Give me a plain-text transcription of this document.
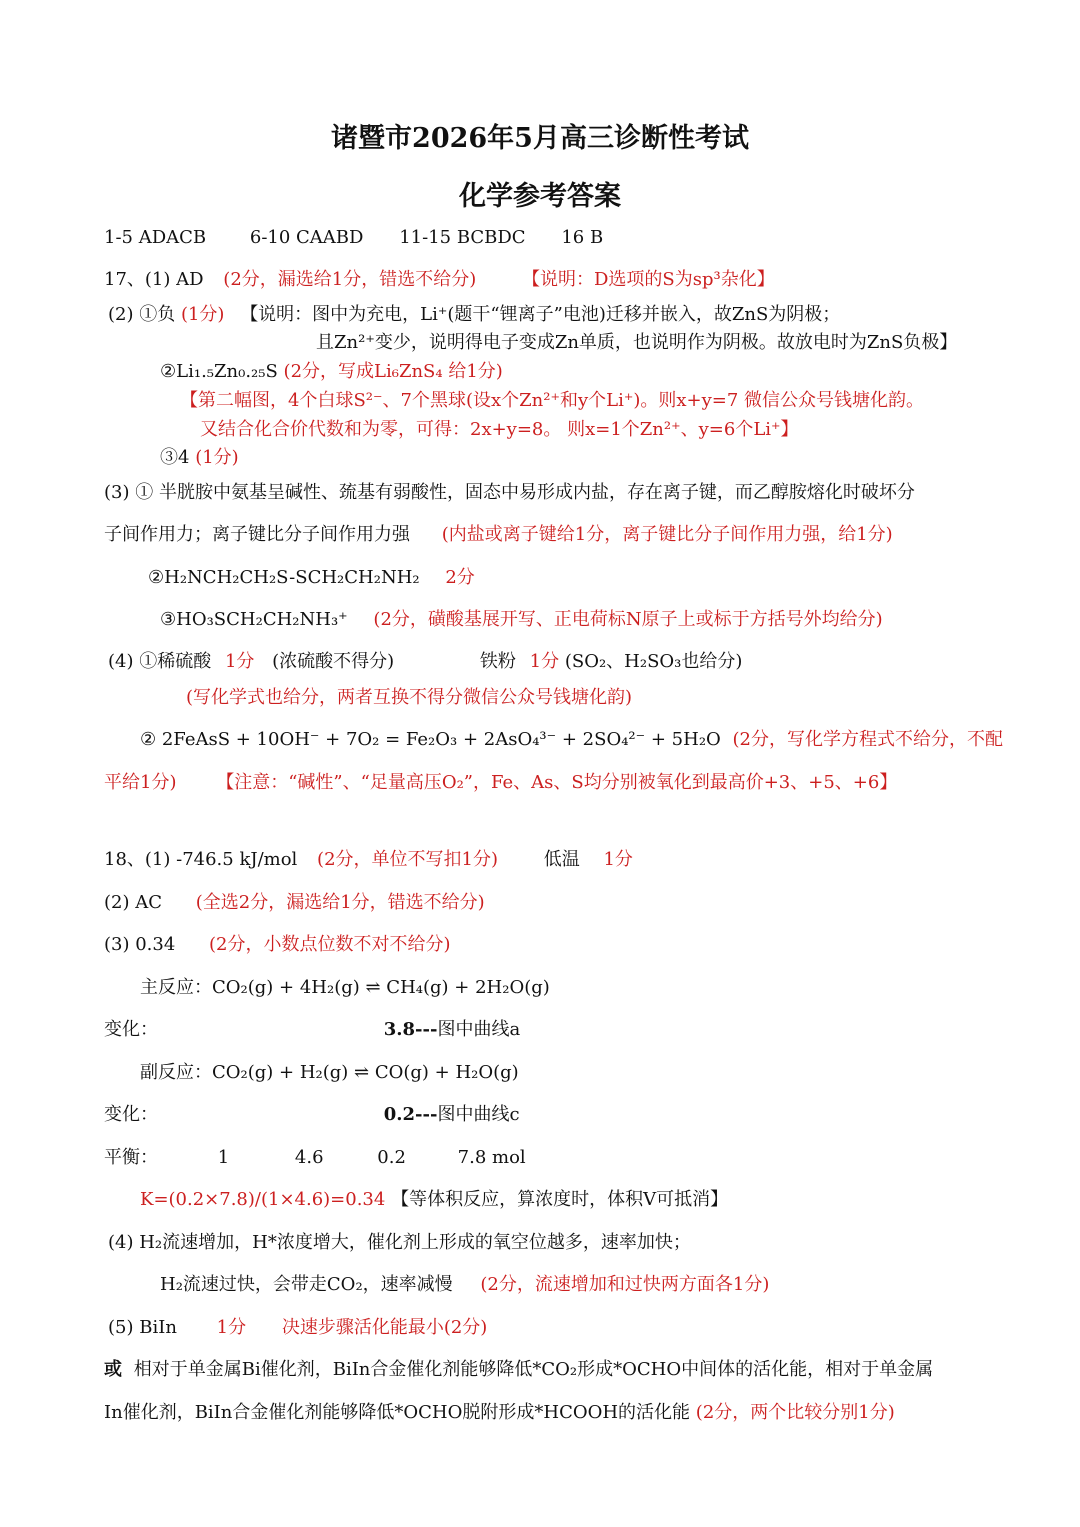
诸暨市2026年5月高三诊断性考试
化学参考答案
1-5 ADACB 6-10 CAABD 11-15 BCBDC 16 B
17、(1) AD (2分，漏选给1分，错选不给分)	【说明：D选项的S为sp³杂化】
(2) ①负 (1分) 【说明：图中为充电，Li⁺(题干“锂离子”电池)迁移并嵌入，故ZnS为阴极；
且Zn²⁺变少，说明得电子变成Zn单质，也说明作为阴极。故放电时为ZnS负极】
②Li₁.₅Zn₀.₂₅S (2分，写成Li₆ZnS₄ 给1分)
【第二幅图，4个白球S²⁻、7个黑球(设x个Zn²⁺和y个Li⁺)。则x+y=7 微信公众号钱塘化韵。
又结合化合价代数和为零，可得：2x+y=8。 则x=1个Zn²⁺、y=6个Li⁺】
③4 (1分)
(3) ① 半胱胺中氨基呈碱性、巯基有弱酸性，固态中易形成内盐，存在离子键，而乙醇胺熔化时破坏分
子间作用力；离子键比分子间作用力强 (内盐或离子键给1分，离子键比分子间作用力强，给1分)
②H₂NCH₂CH₂S-SCH₂CH₂NH₂ 2分
③HO₃SCH₂CH₂NH₃⁺ (2分，磺酸基展开写、正电荷标N原子上或标于方括号外均给分)
(4) ①稀硫酸 1分 (浓硫酸不得分)	铁粉 1分 (SO₂、H₂SO₃也给分)
(写化学式也给分，两者互换不得分微信公众号钱塘化韵)
② 2FeAsS + 10OH⁻ + 7O₂ = Fe₂O₃ + 2AsO₄³⁻ + 2SO₄²⁻ + 5H₂O (2分，写化学方程式不给分，不配
平给1分) 【注意：“碱性”、“足量高压O₂”，Fe、As、S均分别被氧化到最高价+3、+5、+6】
18、(1) -746.5 kJ/mol (2分，单位不写扣1分)	低温 1分
(2) AC (全选2分，漏选给1分，错选不给分)
(3) 0.34 (2分，小数点位数不对不给分)
主反应：CO₂(g) + 4H₂(g) ⇌ CH₄(g) + 2H₂O(g)
变化：	3.8---图中曲线a
副反应：CO₂(g) + H₂(g) ⇌ CO(g) + H₂O(g)
变化：	0.2---图中曲线c
平衡：	1	4.6	0.2	7.8 mol
K=(0.2×7.8)/(1×4.6)=0.34 【等体积反应，算浓度时，体积V可抵消】
(4) H₂流速增加，H*浓度增大，催化剂上形成的氧空位越多，速率加快；
H₂流速过快，会带走CO₂，速率减慢 (2分，流速增加和过快两方面各1分)
(5) BiIn 1分 决速步骤活化能最小(2分)
或 相对于单金属Bi催化剂，BiIn合金催化剂能够降低*CO₂形成*OCHO中间体的活化能，相对于单金属
In催化剂，BiIn合金催化剂能够降低*OCHO脱附形成*HCOOH的活化能 (2分，两个比较分别1分)
